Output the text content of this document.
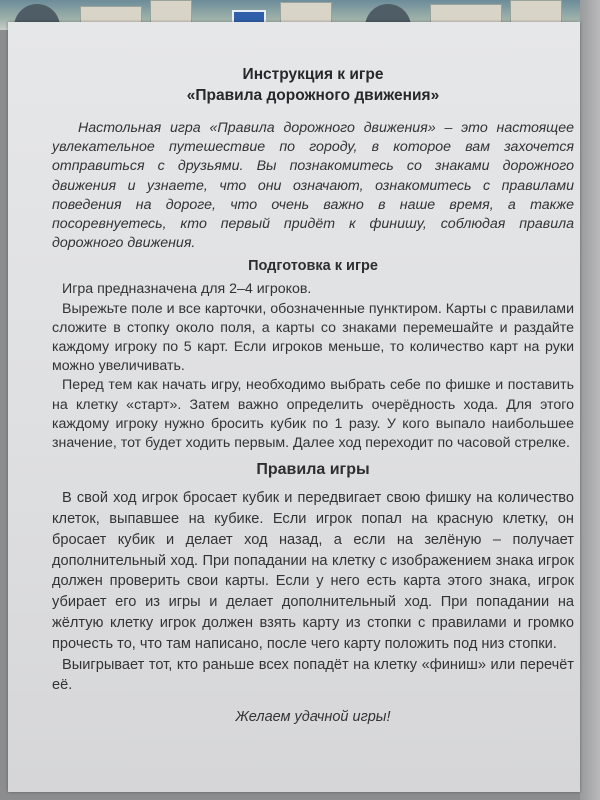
Инструкция к игре
«Правила дорожного движения»

Настольная игра «Правила дорожного движения» – это настоящее увлекательное путешествие по городу, в которое вам захочется отправиться с друзьями. Вы познакомитесь со знаками дорожного движения и узнаете, что они означают, ознакомитесь с правилами поведения на дороге, что очень важно в наше время, а также посоревнуетесь, кто первый придёт к финишу, соблюдая правила дорожного движения.

Подготовка к игре

Игра предназначена для 2–4 игроков.

Вырежьте поле и все карточки, обозначенные пунктиром. Карты с правилами сложите в стопку около поля, а карты со знаками перемешайте и раздайте каждому игроку по 5 карт. Если игроков меньше, то количество карт на руки можно увеличивать.

Перед тем как начать игру, необходимо выбрать себе по фишке и поставить на клетку «старт». Затем важно определить очерёдность хода. Для этого каждому игроку нужно бросить кубик по 1 разу. У кого выпало наибольшее значение, тот будет ходить первым. Далее ход переходит по часовой стрелке.

Правила игры

В свой ход игрок бросает кубик и передвигает свою фишку на количество клеток, выпавшее на кубике. Если игрок попал на красную клетку, он бросает кубик и делает ход назад, а если на зелёную – получает дополнительный ход. При попадании на клетку с изображением знака игрок должен проверить свои карты. Если у него есть карта этого знака, игрок убирает его из игры и делает дополнительный ход. При попадании на жёлтую клетку игрок должен взять карту из стопки с правилами и громко прочесть то, что там написано, после чего карту положить под низ стопки.

Выигрывает тот, кто раньше всех попадёт на клетку «финиш» или перечёт её.

Желаем удачной игры!
